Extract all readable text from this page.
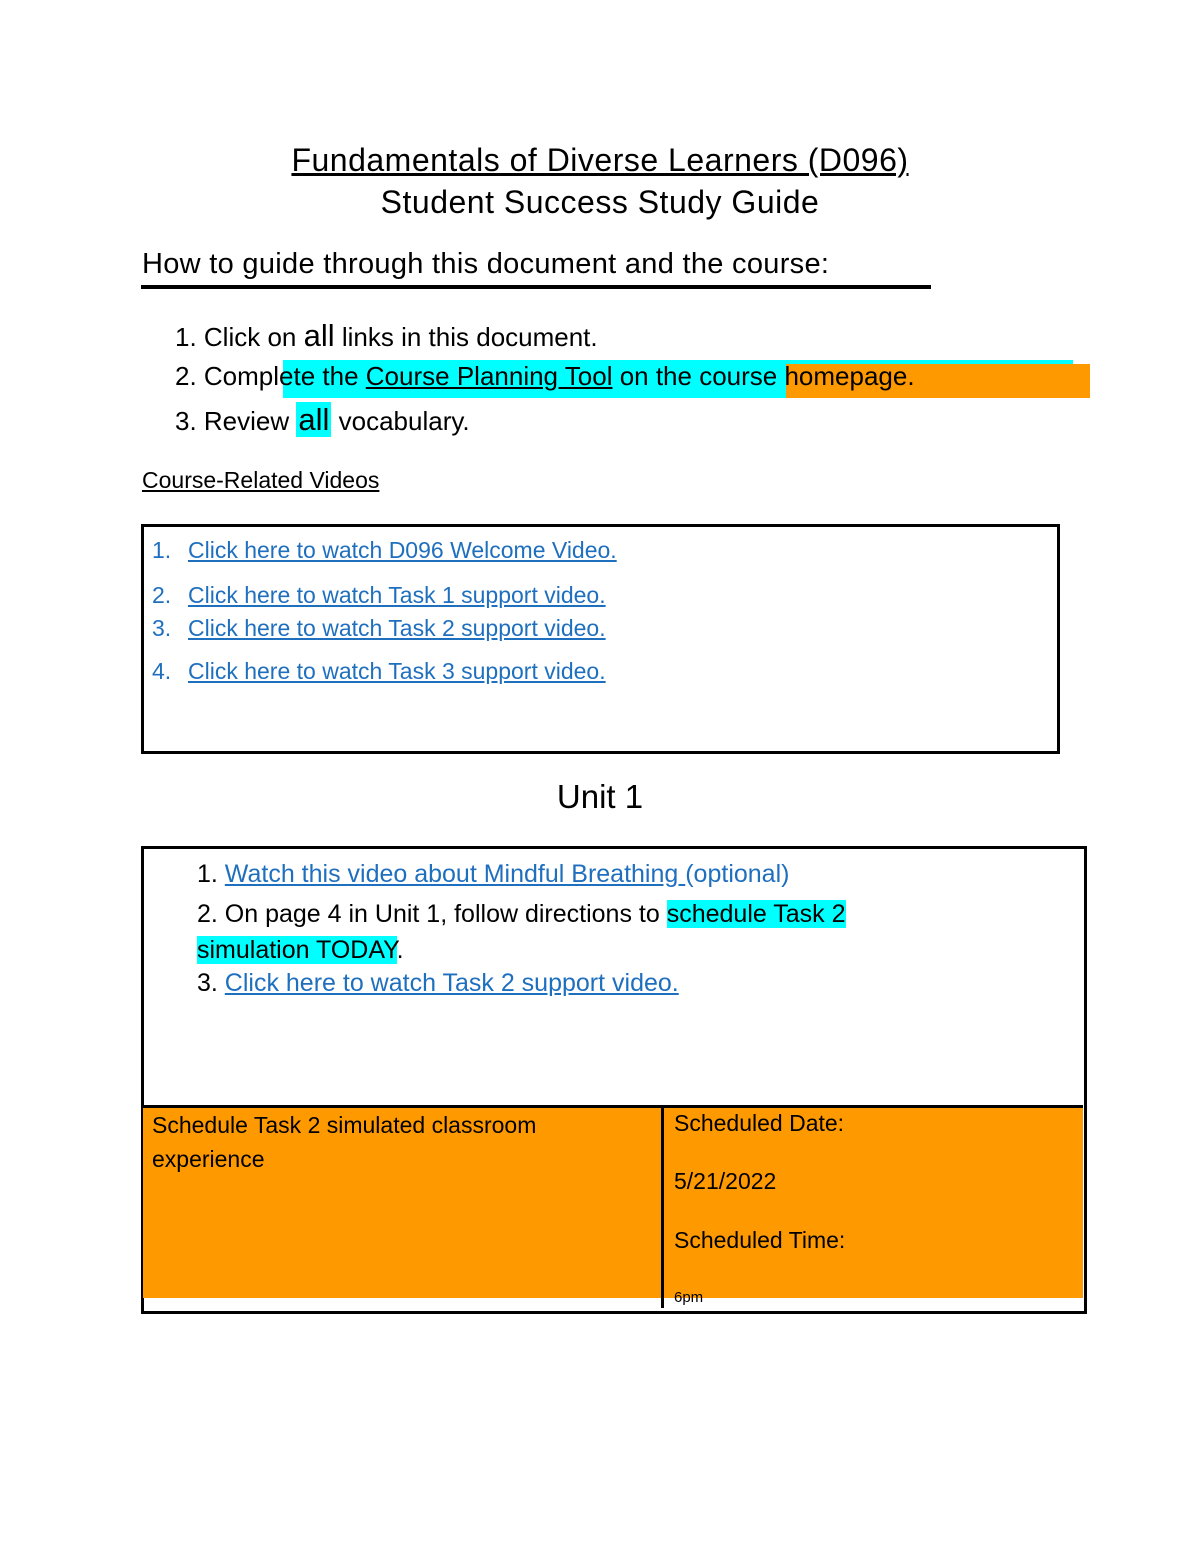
Fundamentals of Diverse Learners (D096)
Student Success Study Guide
How to guide through this document and the course:
1. Click on all links in this document.
2. Complete the Course Planning Tool on the course homepage.
3. Review all vocabulary.
Course-Related Videos
1. Click here to watch D096 Welcome Video.
2. Click here to watch Task 1 support video.
3. Click here to watch Task 2 support video.
4. Click here to watch Task 3 support video.
Unit 1
1. Watch this video about Mindful Breathing (optional)
2. On page 4 in Unit 1, follow directions to schedule Task 2
simulation TODAY.
3. Click here to watch Task 2 support video.
Schedule Task 2 simulated classroom experience
Scheduled Date:
5/21/2022
Scheduled Time:
6pm
